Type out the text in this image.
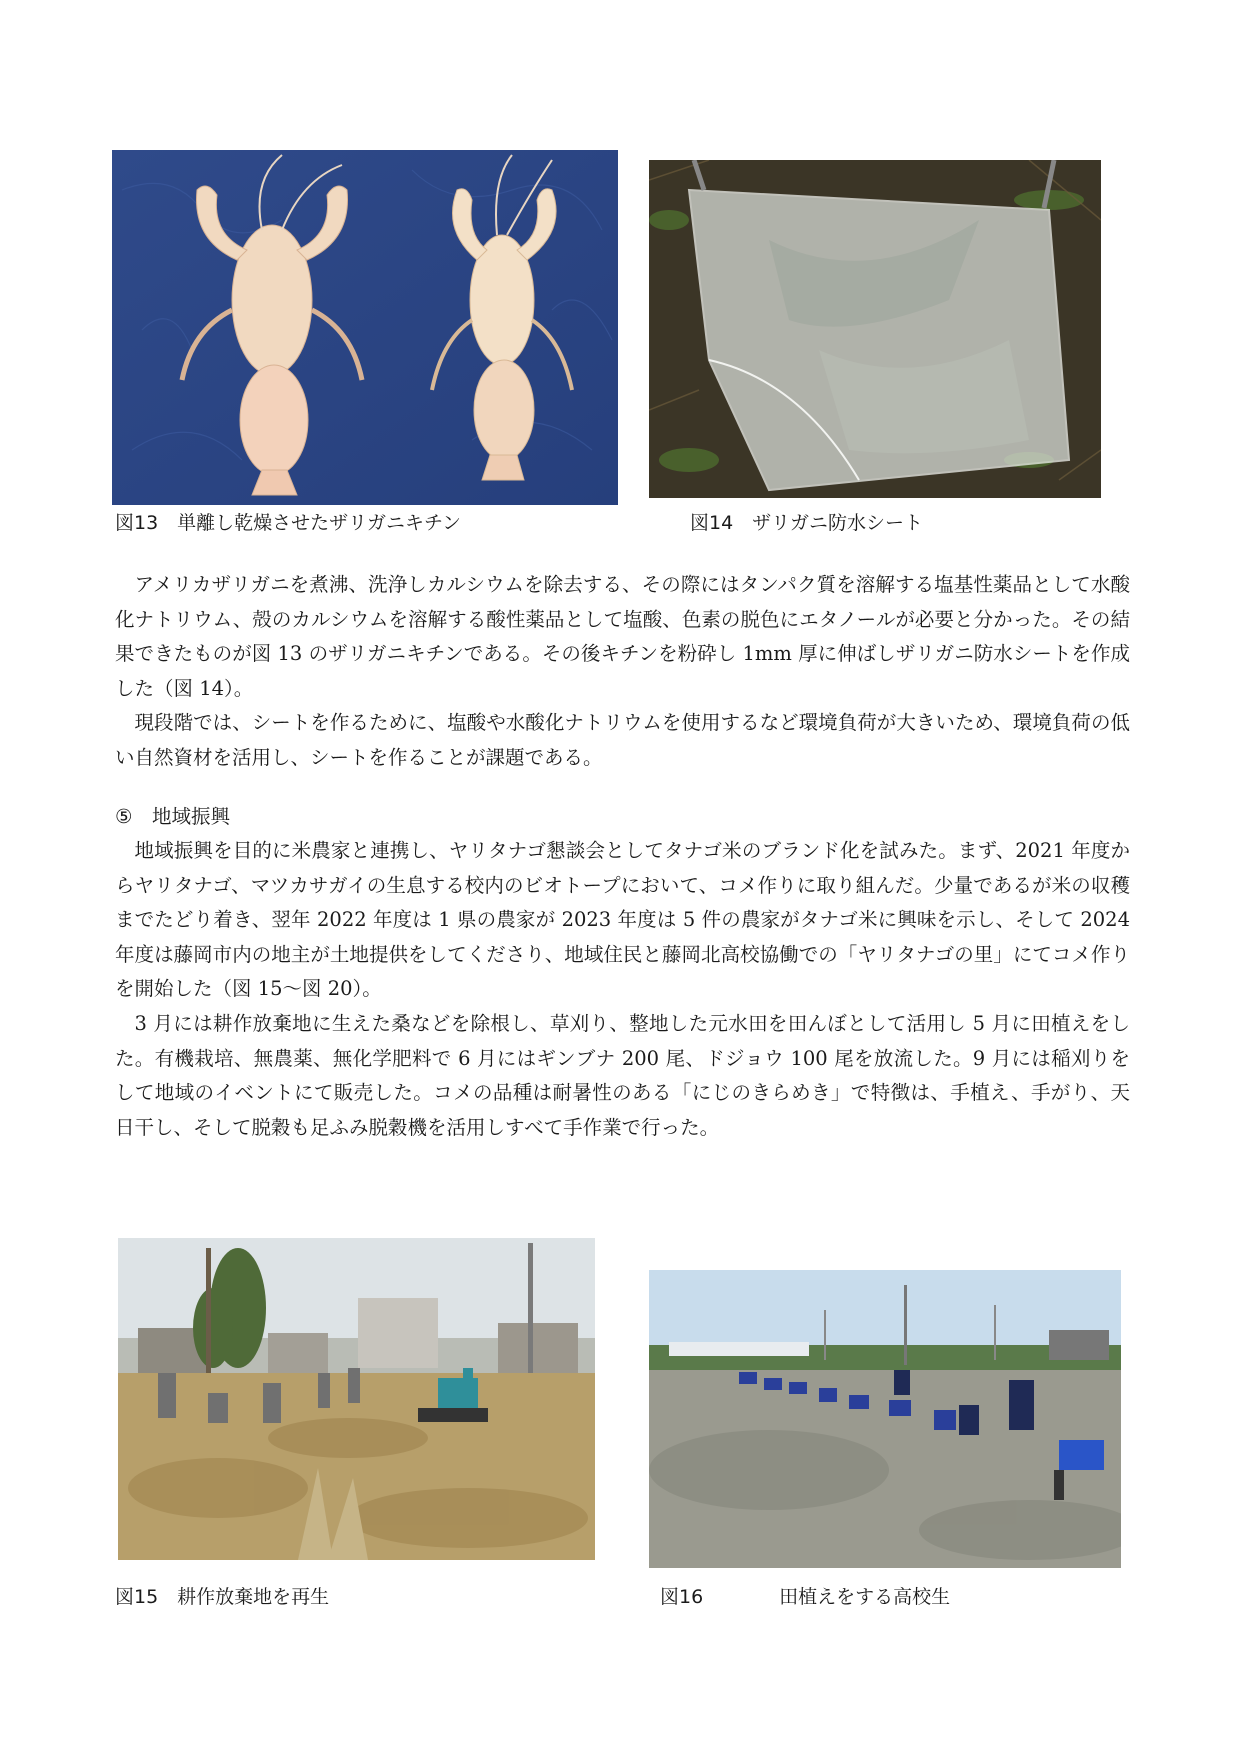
図13　単離し乾燥させたザリガニキチン	図14　ザリガニ防水シート

アメリカザリガニを煮沸、洗浄しカルシウムを除去する、その際にはタンパク質を溶解する塩基性薬品として水酸化ナトリウム、殻のカルシウムを溶解する酸性薬品として塩酸、色素の脱色にエタノールが必要と分かった。その結果できたものが図 13 のザリガニキチンである。その後キチンを粉砕し 1mm 厚に伸ばしザリガニ防水シートを作成した（図 14）。

現段階では、シートを作るために、塩酸や水酸化ナトリウムを使用するなど環境負荷が大きいため、環境負荷の低い自然資材を活用し、シートを作ることが課題である。

⑤　地域振興

地域振興を目的に米農家と連携し、ヤリタナゴ懇談会としてタナゴ米のブランド化を試みた。まず、2021 年度からヤリタナゴ、マツカサガイの生息する校内のビオトープにおいて、コメ作りに取り組んだ。少量であるが米の収穫までたどり着き、翌年 2022 年度は 1 県の農家が 2023 年度は 5 件の農家がタナゴ米に興味を示し、そして 2024 年度は藤岡市内の地主が土地提供をしてくださり、地域住民と藤岡北高校協働での「ヤリタナゴの里」にてコメ作りを開始した（図 15～図 20）。

3 月には耕作放棄地に生えた桑などを除根し、草刈り、整地した元水田を田んぼとして活用し 5 月に田植えをした。有機栽培、無農薬、無化学肥料で 6 月にはギンブナ 200 尾、ドジョウ 100 尾を放流した。9 月には稲刈りをして地域のイベントにて販売した。コメの品種は耐暑性のある「にじのきらめき」で特徴は、手植え、手がり、天日干し、そして脱穀も足ふみ脱穀機を活用しすべて手作業で行った。

図15　耕作放棄地を再生	図16　　　　田植えをする高校生
